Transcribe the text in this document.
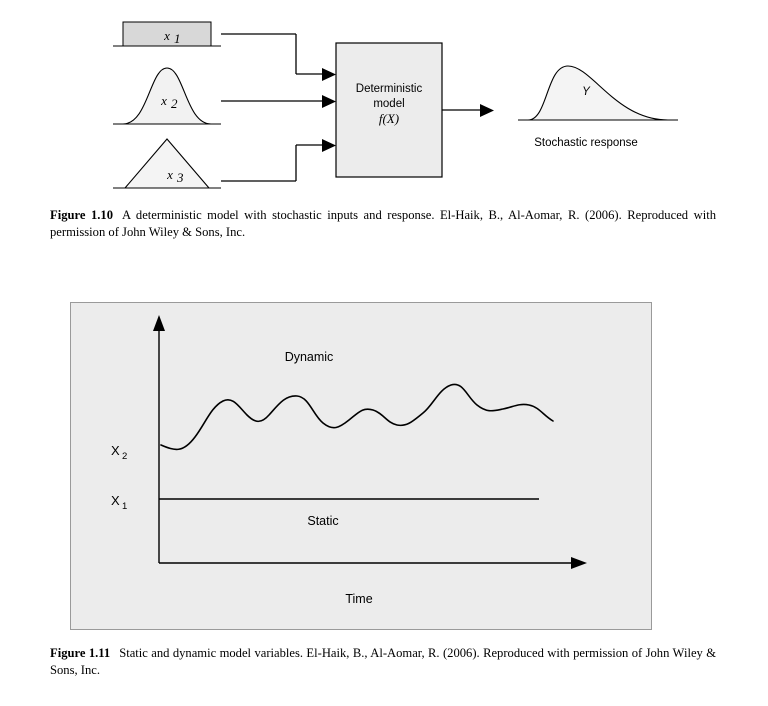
x 1
x 2
x 3
Deterministic
model
f(X)
Y
Stochastic response
Figure 1.10 A deterministic model with stochastic inputs and response. El-Haik, B., Al-Aomar, R. (2006). Reproduced with permission of John Wiley & Sons, Inc.
X 2
X 1
Dynamic
Static
Time
Figure 1.11 Static and dynamic model variables. El-Haik, B., Al-Aomar, R. (2006). Reproduced with permission of John Wiley & Sons, Inc.
